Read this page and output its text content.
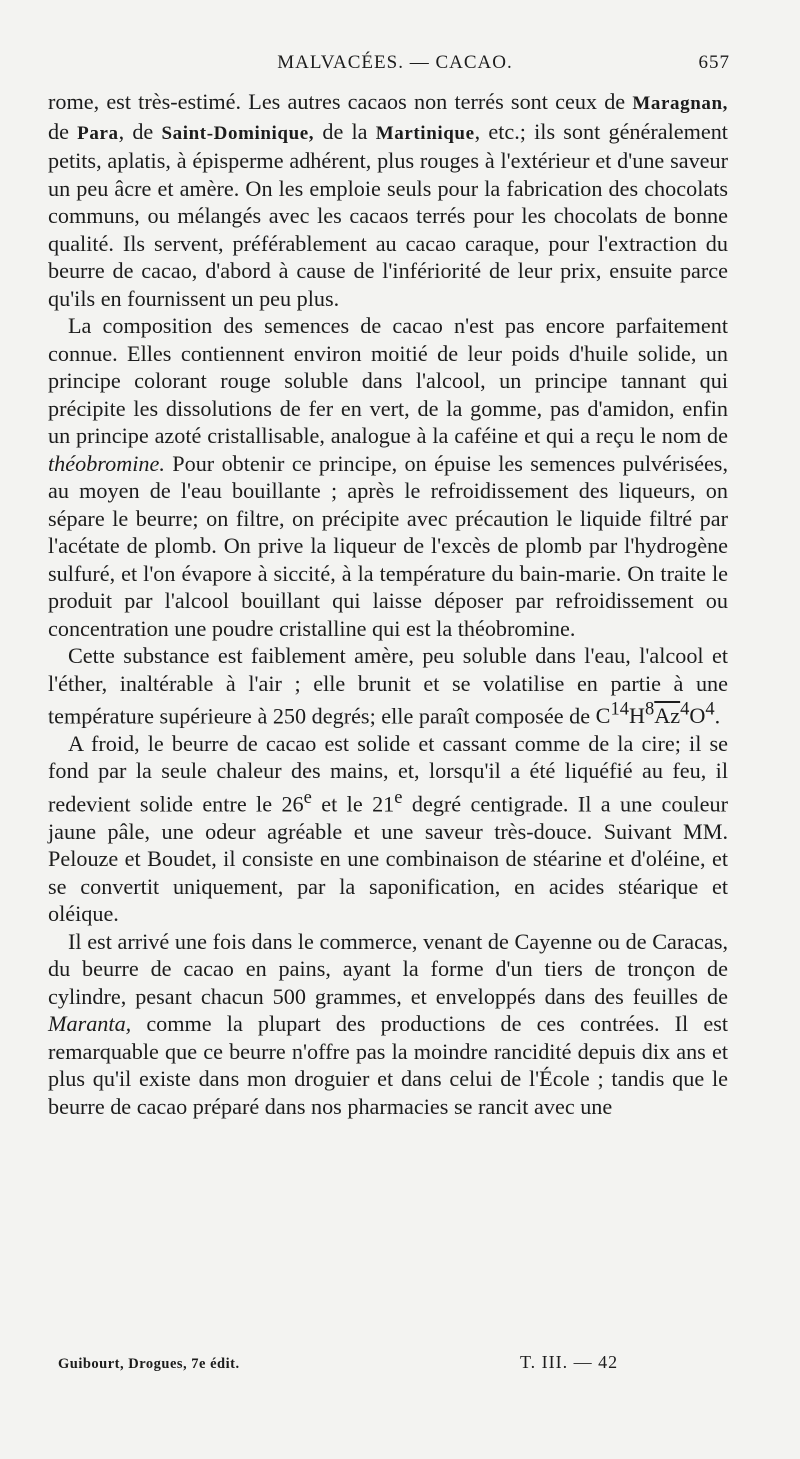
MALVACÉES. — CACAO.	657

rome, est très-estimé. Les autres cacaos non terrés sont ceux de Maragnan, de Para, de Saint-Dominique, de la Martinique, etc.; ils sont généralement petits, aplatis, à épisperme adhérent, plus rouges à l'extérieur et d'une saveur un peu âcre et amère. On les emploie seuls pour la fabrication des chocolats communs, ou mélangés avec les cacaos terrés pour les chocolats de bonne qualité. Ils servent, préférablement au cacao caraque, pour l'extraction du beurre de cacao, d'abord à cause de l'infériorité de leur prix, ensuite parce qu'ils en fournissent un peu plus.

La composition des semences de cacao n'est pas encore parfaitement connue. Elles contiennent environ moitié de leur poids d'huile solide, un principe colorant rouge soluble dans l'alcool, un principe tannant qui précipite les dissolutions de fer en vert, de la gomme, pas d'amidon, enfin un principe azoté cristallisable, analogue à la caféine et qui a reçu le nom de théobromine. Pour obtenir ce principe, on épuise les semences pulvérisées, au moyen de l'eau bouillante ; après le refroidissement des liqueurs, on sépare le beurre; on filtre, on précipite avec précaution le liquide filtré par l'acétate de plomb. On prive la liqueur de l'excès de plomb par l'hydrogène sulfuré, et l'on évapore à siccité, à la température du bain-marie. On traite le produit par l'alcool bouillant qui laisse déposer par refroidissement ou concentration une poudre cristalline qui est la théobromine.

Cette substance est faiblement amère, peu soluble dans l'eau, l'alcool et l'éther, inaltérable à l'air ; elle brunit et se volatilise en partie à une température supérieure à 250 degrés; elle paraît composée de $C^{14}H^8\overline{Az}^4O^4$.

A froid, le beurre de cacao est solide et cassant comme de la cire; il se fond par la seule chaleur des mains, et, lorsqu'il a été liquéfié au feu, il redevient solide entre le 26e et le 21e degré centigrade. Il a une couleur jaune pâle, une odeur agréable et une saveur très-douce. Suivant MM. Pelouze et Boudet, il consiste en une combinaison de stéarine et d'oléine, et se convertit uniquement, par la saponification, en acides stéarique et oléique.

Il est arrivé une fois dans le commerce, venant de Cayenne ou de Caracas, du beurre de cacao en pains, ayant la forme d'un tiers de tronçon de cylindre, pesant chacun 500 grammes, et enveloppés dans des feuilles de Maranta, comme la plupart des productions de ces contrées. Il est remarquable que ce beurre n'offre pas la moindre rancidité depuis dix ans et plus qu'il existe dans mon droguier et dans celui de l'École ; tandis que le beurre de cacao préparé dans nos pharmacies se rancit avec une

Guibourt, Drogues, 7e édit.	T. III. — 42
